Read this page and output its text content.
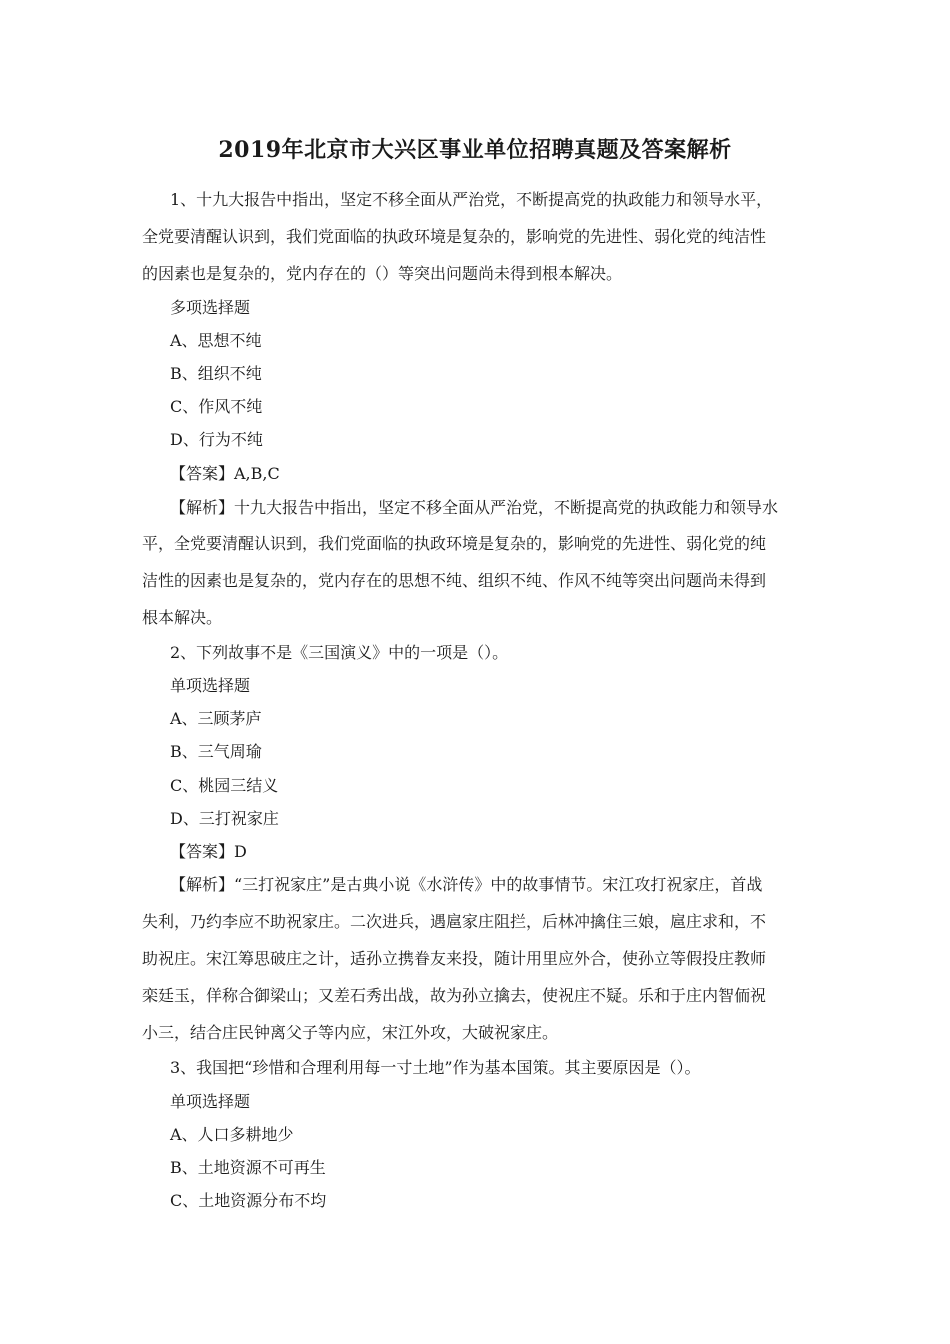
2019年北京市大兴区事业单位招聘真题及答案解析

1、十九大报告中指出，坚定不移全面从严治党，不断提高党的执政能力和领导水平，

全党要清醒认识到，我们党面临的执政环境是复杂的，影响党的先进性、弱化党的纯洁性

的因素也是复杂的，党内存在的（）等突出问题尚未得到根本解决。

多项选择题

A、思想不纯

B、组织不纯

C、作风不纯

D、行为不纯

【答案】A,B,C

【解析】十九大报告中指出，坚定不移全面从严治党，不断提高党的执政能力和领导水

平，全党要清醒认识到，我们党面临的执政环境是复杂的，影响党的先进性、弱化党的纯

洁性的因素也是复杂的，党内存在的思想不纯、组织不纯、作风不纯等突出问题尚未得到

根本解决。

2、下列故事不是《三国演义》中的一项是（）。

单项选择题

A、三顾茅庐

B、三气周瑜

C、桃园三结义

D、三打祝家庄

【答案】D

【解析】“三打祝家庄”是古典小说《水浒传》中的故事情节。宋江攻打祝家庄，首战

失利，乃约李应不助祝家庄。二次进兵，遇扈家庄阻拦，后林冲擒住三娘，扈庄求和，不

助祝庄。宋江筹思破庄之计，适孙立携眷友来投，随计用里应外合，使孙立等假投庄教师

栾廷玉，佯称合御梁山；又差石秀出战，故为孙立擒去，使祝庄不疑。乐和于庄内智侕祝

小三，结合庄民钟离父子等内应，宋江外攻，大破祝家庄。

3、我国把“珍惜和合理利用每一寸土地”作为基本国策。其主要原因是（）。

单项选择题

A、人口多耕地少

B、土地资源不可再生

C、土地资源分布不均
